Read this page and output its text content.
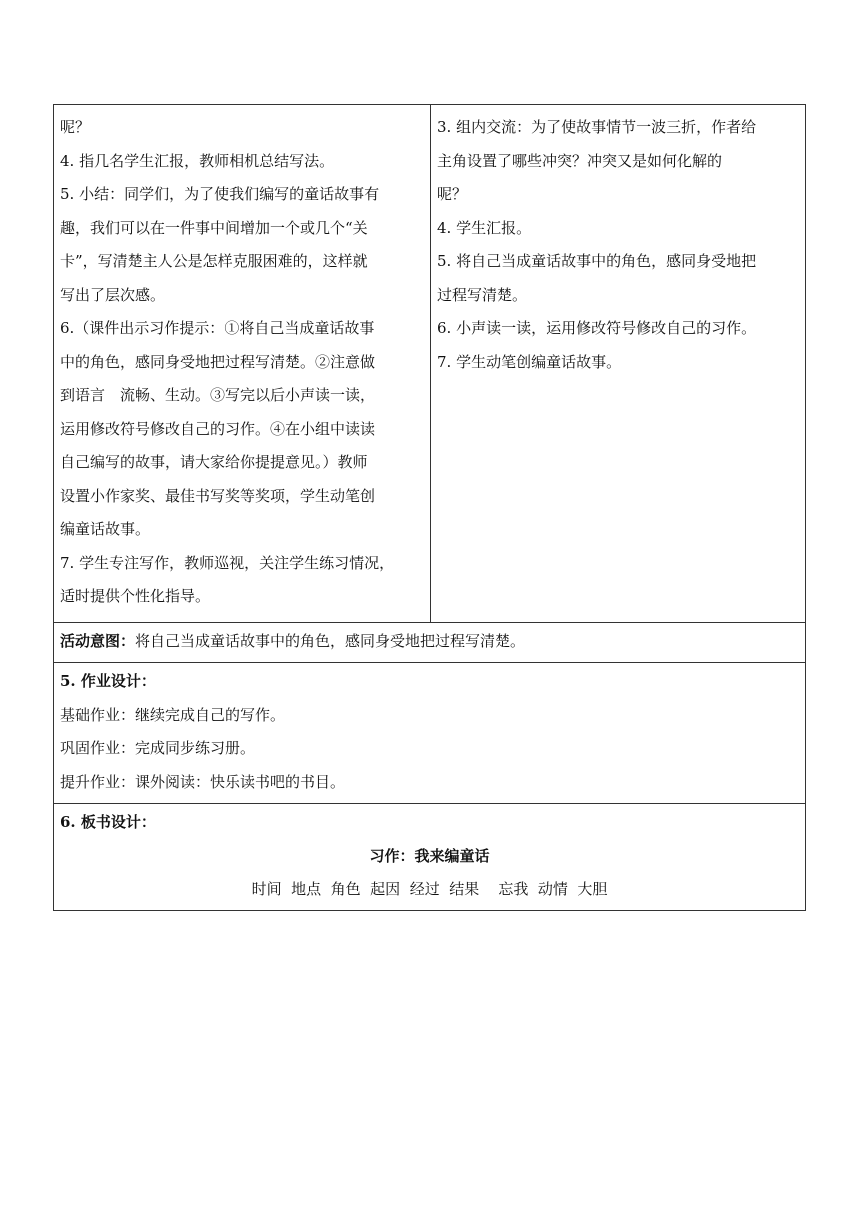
呢？

4. 指几名学生汇报，教师相机总结写法。

5. 小结：同学们，为了使我们编写的童话故事有

趣，我们可以在一件事中间增加一个或几个“关

卡”，写清楚主人公是怎样克服困难的，这样就

写出了层次感。

6.（课件出示习作提示：①将自己当成童话故事

中的角色，感同身受地把过程写清楚。②注意做

到语言　流畅、生动。③写完以后小声读一读，

运用修改符号修改自己的习作。④在小组中读读

自己编写的故事，请大家给你提提意见。）教师

设置小作家奖、最佳书写奖等奖项，学生动笔创

编童话故事。

7. 学生专注写作，教师巡视，关注学生练习情况，

适时提供个性化指导。

3. 组内交流：为了使故事情节一波三折，作者给

主角设置了哪些冲突？冲突又是如何化解的

呢？

4. 学生汇报。

5. 将自己当成童话故事中的角色，感同身受地把

过程写清楚。

6. 小声读一读，运用修改符号修改自己的习作。

7. 学生动笔创编童话故事。

活动意图：将自己当成童话故事中的角色，感同身受地把过程写清楚。

5. 作业设计：

基础作业：继续完成自己的写作。

巩固作业：完成同步练习册。

提升作业：课外阅读：快乐读书吧的书目。

6. 板书设计：

习作：我来编童话

时间  地点  角色  起因  经过  结果    忘我  动情  大胆
